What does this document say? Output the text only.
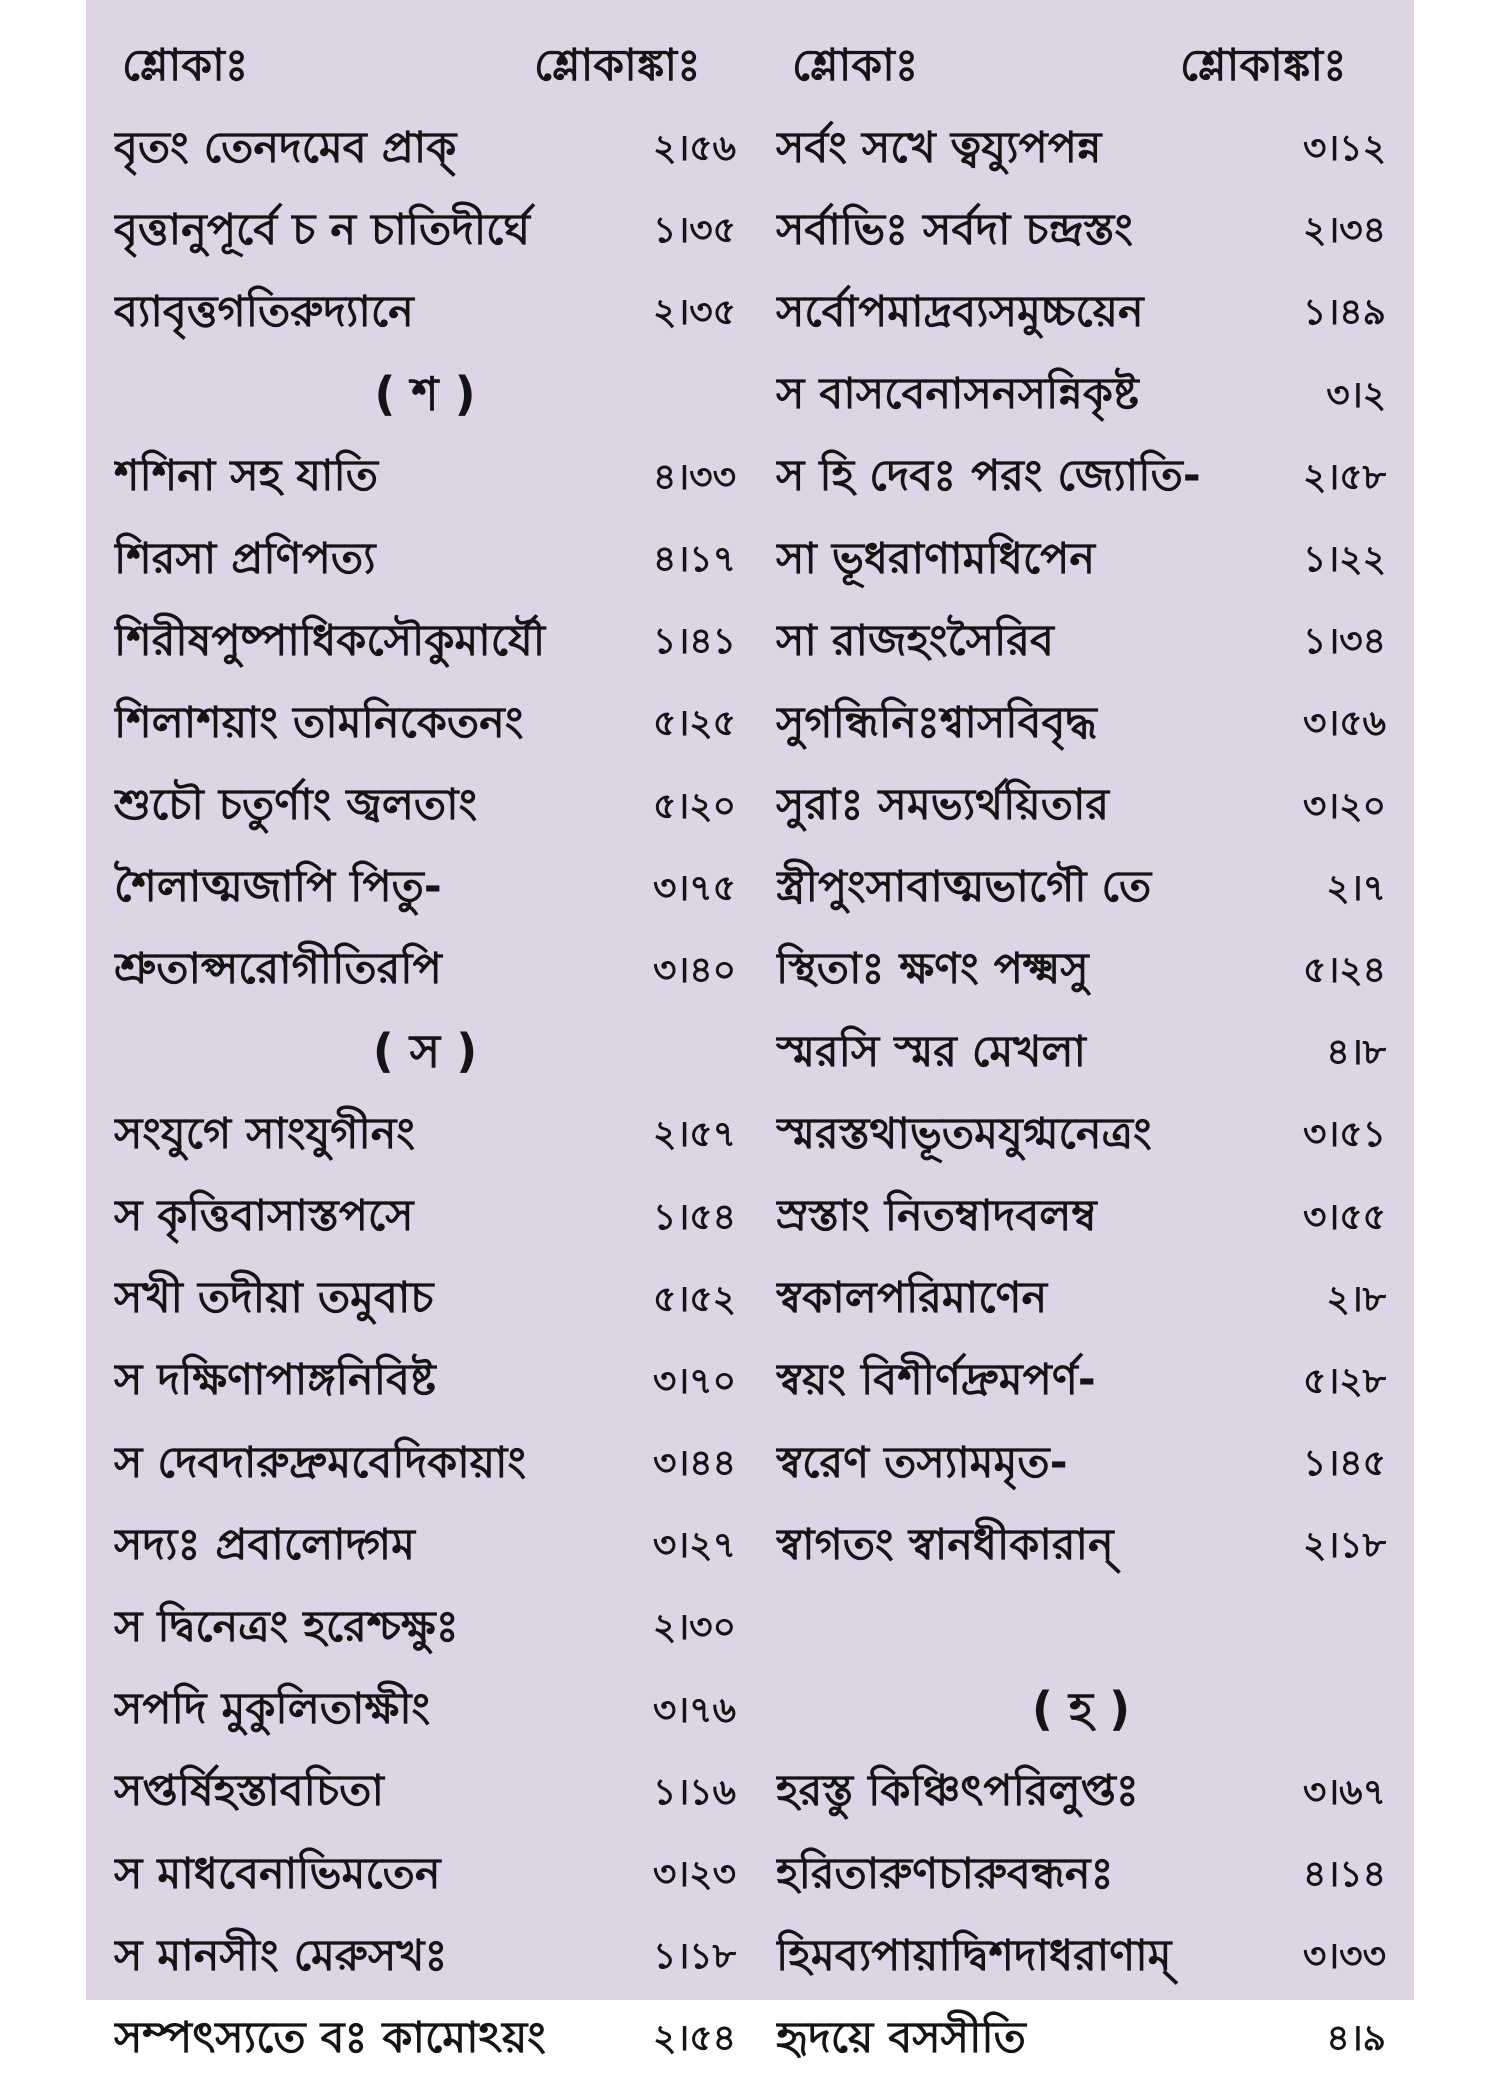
শ্লোকাঃ	শ্লোকাঙ্কাঃ শ্লোকাঃ	শ্লোকাঙ্কাঃ
বৃতং তেনদমেব প্রাক্	২।৫৬
বৃত্তানুপূর্বে চ ন চাতিদীর্ঘে	১।৩৫
ব্যাবৃত্তগতিরুদ্যানে	২।৩৫
( শ )
শশিনা সহ যাতি	৪।৩৩
শিরসা প্রণিপত্য	৪।১৭
শিরীষপুষ্পাধিকসৌকুমার্যৌ	১।৪১
শিলাশয়াং তামনিকেতনং	৫।২৫
শুচৌ চতুর্ণাং জ্বলতাং	৫।২০
শৈলাত্মজাপি পিতু-	৩।৭৫
শ্রুতাপ্সরোগীতিরপি	৩।৪০
( স )
সংযুগে সাংযুগীনং	২।৫৭
স কৃত্তিবাসাস্তপসে	১।৫৪
সখী তদীয়া তমুবাচ	৫।৫২
স দক্ষিণাপাঙ্গনিবিষ্ট	৩।৭০
স দেবদারুদ্রুমবেদিকায়াং	৩।৪৪
সদ্যঃ প্রবালোদ্গম	৩।২৭
স দ্বিনেত্রং হরেশ্চক্ষুঃ	২।৩০
সপদি মুকুলিতাক্ষীং	৩।৭৬
সপ্তর্ষিহস্তাবচিতা	১।১৬
স মাধবেনাভিমতেন	৩।২৩
স মানসীং মেরুসখঃ	১।১৮
সম্পৎস্যতে বঃ কামোঽয়ং	২।৫৪
সর্বং সখে ত্বয্যুপপন্ন	৩।১২
সর্বাভিঃ সর্বদা চন্দ্রস্তং	২।৩৪
সর্বোপমাদ্রব্যসমুচ্চয়েন	১।৪৯
স বাসবেনাসনসন্নিকৃষ্ট	৩।২
স হি দেবঃ পরং জ্যোতি-	২।৫৮
সা ভূধরাণামধিপেন	১।২২
সা রাজহংসৈরিব	১।৩৪
সুগন্ধিনিঃশ্বাসবিবৃদ্ধ	৩।৫৬
সুরাঃ সমভ্যর্থয়িতার	৩।২০
স্ত্রীপুংসাবাত্মভাগৌ তে	২।৭
স্থিতাঃ ক্ষণং পক্ষ্মসু	৫।২৪
স্মরসি স্মর মেখলা	৪।৮
স্মরস্তথাভূতমযুগ্মনেত্রং	৩।৫১
স্রস্তাং নিতম্বাদবলম্ব	৩।৫৫
স্বকালপরিমাণেন	২।৮
স্বয়ং বিশীর্ণদ্রুমপর্ণ-	৫।২৮
স্বরেণ তস্যামমৃত-	১।৪৫
স্বাগতং স্বানধীকারান্	২।১৮
( হ )
হরস্তু কিঞ্চিৎপরিলুপ্তঃ	৩।৬৭
হরিতারুণচারুবন্ধনঃ	৪।১৪
হিমব্যপায়াদ্বিশদাধরাণাম্	৩।৩৩
হৃদয়ে বসসীতি	৪।৯
